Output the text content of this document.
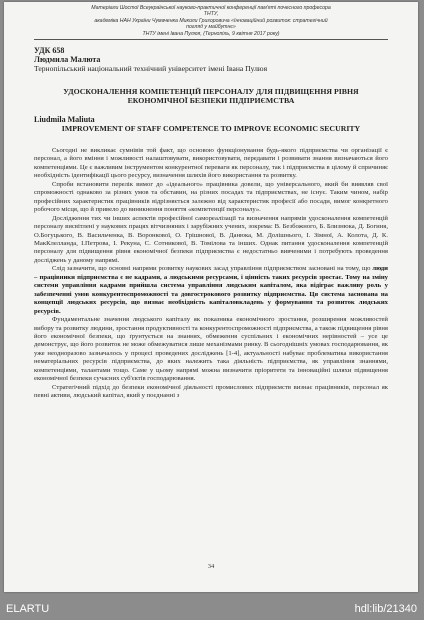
Матеріали Шостої Всеукраїнської науково-практичної конференції пам'яті почесного професора ТНТУ,
академіка НАН України Чумаченка Миколи Григоровича «Інноваційний розвиток: стратегічний погляд у майбутнє»
ТНТУ імені Івана Пулюя, (Тернопіль, 9 квітня 2017 року)
УДК 658
Людмила Малюта
Тернопільський національний технічний університет імені Івана Пулюя
УДОСКОНАЛЕННЯ КОМПЕТЕНЦІЙ ПЕРСОНАЛУ ДЛЯ ПІДВИЩЕННЯ РІВНЯ ЕКОНОМІЧНОЇ БЕЗПЕКИ ПІДПРИЄМСТВА
Liudmila Maliuta
IMPROVEMENT OF STAFF COMPETENCE TO IMPROVE ECONOMIC SECURITY

Сьогодні не викликає сумнівів той факт, що основою функціонування будь-якого підприємства чи організації є персонал, а його вміння і можливості налаштовувати, використовувати, передавати і розвивати знання визначаються його компетенціями. Це є важливим інструментом конкурентної переваги як персоналу, так і підприємства в цілому й спричиняє необхідність ідентифікації цього ресурсу, визначення шляхів його використання та розвитку.

Спроби встановити перелік вимог до «ідеального» працівника довели, що універсального, який би виявляв свої спроможності однаково за різних умов та обставин, на різних посадах та підприємствах, не існує. Таким чином, набір професійних характеристик працівників відрізняється залежно від характеристик професії або посади, вимог конкретного робочого місця, що й привело до виникнення поняття «компетенції персоналу».

Дослідження тих чи інших аспектів професійної самореалізації та визначення напрямів удосконалення компетенцій персоналу висвітлені у наукових працях вітчизняних і зарубіжних учених, зокрема: В. Безбожного, Б. Близнюка, Д. Богиня, О.Богуцького, В. Васильченка, В. Воронкової, О. Грішнової, В. Данюка, М. Долішнього, І. Зімної, А. Колота, Д. К. МакКлелланда, І.Петрова, І. Рекуна, С. Сотникової, В. Томілова та інших. Однак питання удосконалення компетенцій персоналу для підвищення рівня економічної безпеки підприємства є недостатньо вивченими і потребують проведення досліджень у даному напрямі.

Слід зазначити, що основні напрями розвитку наукових засад управління підприємством засновані на тому, що люди – працівники підприємства є не кадрами, а людськими ресурсами, і цінність таких ресурсів зростає. Тому на зміну системи управління кадрами прийшла система управління людським капіталом, яка відіграє важливу роль у забезпеченні умов конкурентоспроможності та довгострокового розвитку підприємства. Ця система заснована на концепції людських ресурсів, що визнає необхідність капіталовкладень у формування та розвиток людських ресурсів.

Фундаментальне значення людського капіталу як показника економічного зростання, розширення можливостей вибору та розвитку людини, зростання продуктивності та конкурентоспроможності підприємства, а також підвищення рівня його економічної безпеки, що ґрунтується на знаннях, обмеження суспільних і економічних нерівностей – усе це демонструє, що його розвиток не може обмежуватися лише механізмами ринку. В сьогоднішніх умовах господарювання, як уже неодноразово зазначалось у процесі проведених досліджень [1-4], актуальності набуває проблематика використання нематеріальних ресурсів підприємства, до яких належить така діяльність підприємства, як управління знаннями, компетенціями, талантами тощо. Саме у цьому напрямі можна визначити пріоритети та інноваційні шляхи підвищення економічної безпеки сучасних суб'єктів господарювання.

Стратегічний підхід до безпеки економічної діяльності промислових підприємств визнає працівників, персонал як певні активи, людський капітал, який у поєднанні з

34
ELARTU	hdl:lib/21340
